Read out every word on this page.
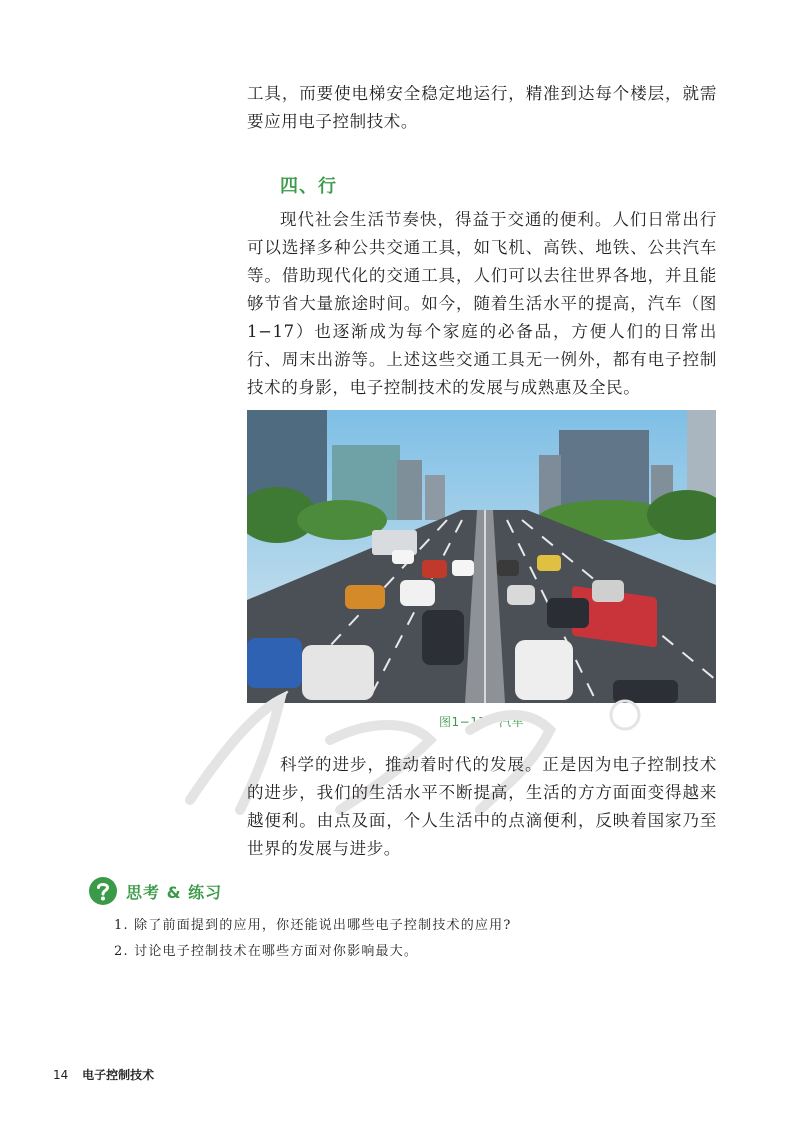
工具，而要使电梯安全稳定地运行，精准到达每个楼层，就需要应用电子控制技术。

四、行

现代社会生活节奏快，得益于交通的便利。人们日常出行可以选择多种公共交通工具，如飞机、高铁、地铁、公共汽车等。借助现代化的交通工具，人们可以去往世界各地，并且能够节省大量旅途时间。如今，随着生活水平的提高，汽车（图1−17）也逐渐成为每个家庭的必备品，方便人们的日常出行、周末出游等。上述这些交通工具无一例外，都有电子控制技术的身影，电子控制技术的发展与成熟惠及全民。

图1−17　汽车

科学的进步，推动着时代的发展。正是因为电子控制技术的进步，我们的生活水平不断提高，生活的方方面面变得越来越便利。由点及面，个人生活中的点滴便利，反映着国家乃至世界的发展与进步。

思考 & 练习

1. 除了前面提到的应用，你还能说出哪些电子控制技术的应用?

2. 讨论电子控制技术在哪些方面对你影响最大。

14 电子控制技术
